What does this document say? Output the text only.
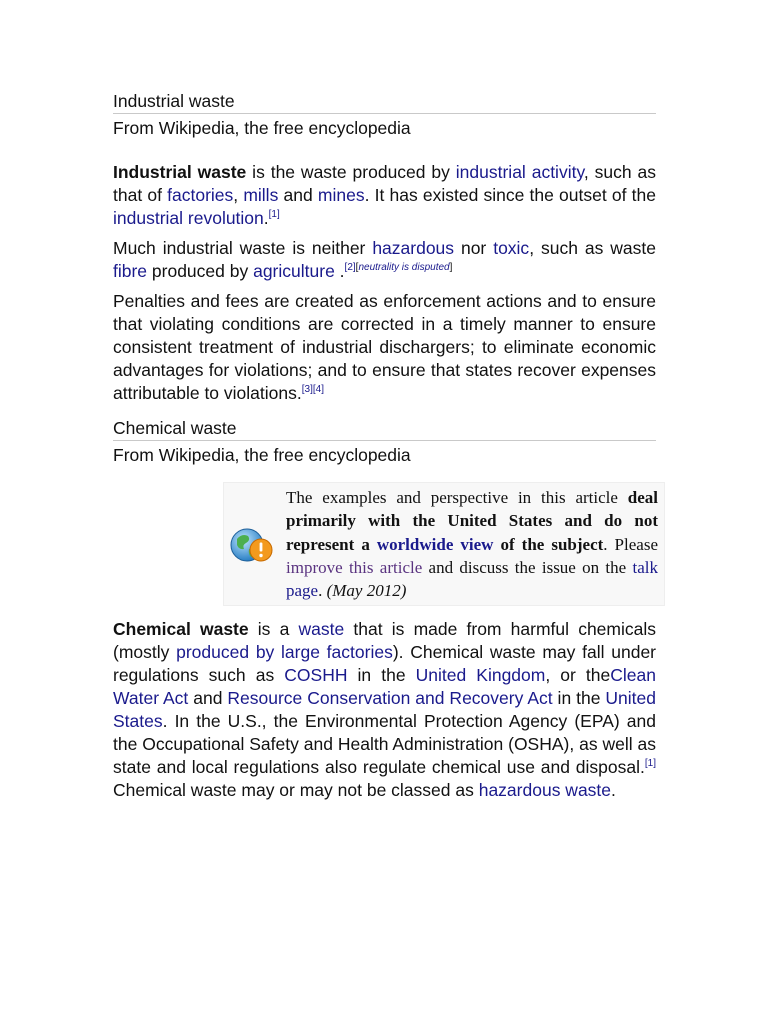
Industrial waste
From Wikipedia, the free encyclopedia

Industrial waste is the waste produced by industrial activity, such as that of factories, mills and mines. It has existed since the outset of the industrial revolution.[1]

Much industrial waste is neither hazardous nor toxic, such as waste fibre produced by agriculture .[2][neutrality is disputed]

Penalties and fees are created as enforcement actions and to ensure that violating conditions are corrected in a timely manner to ensure consistent treatment of industrial dischargers; to eliminate economic advantages for violations; and to ensure that states recover expenses attributable to violations.[3][4]

Chemical waste
From Wikipedia, the free encyclopedia
The examples and perspective in this article deal primarily with the United States and do not represent a worldwide view of the subject. Please improve this article and discuss the issue on the talk page. (May 2012)

Chemical waste is a waste that is made from harmful chemicals (mostly produced by large factories). Chemical waste may fall under regulations such as COSHH in the United Kingdom, or theClean Water Act and Resource Conservation and Recovery Act in the United States. In the U.S., the Environmental Protection Agency (EPA) and the Occupational Safety and Health Administration (OSHA), as well as state and local regulations also regulate chemical use and disposal.[1] Chemical waste may or may not be classed as hazardous waste.
